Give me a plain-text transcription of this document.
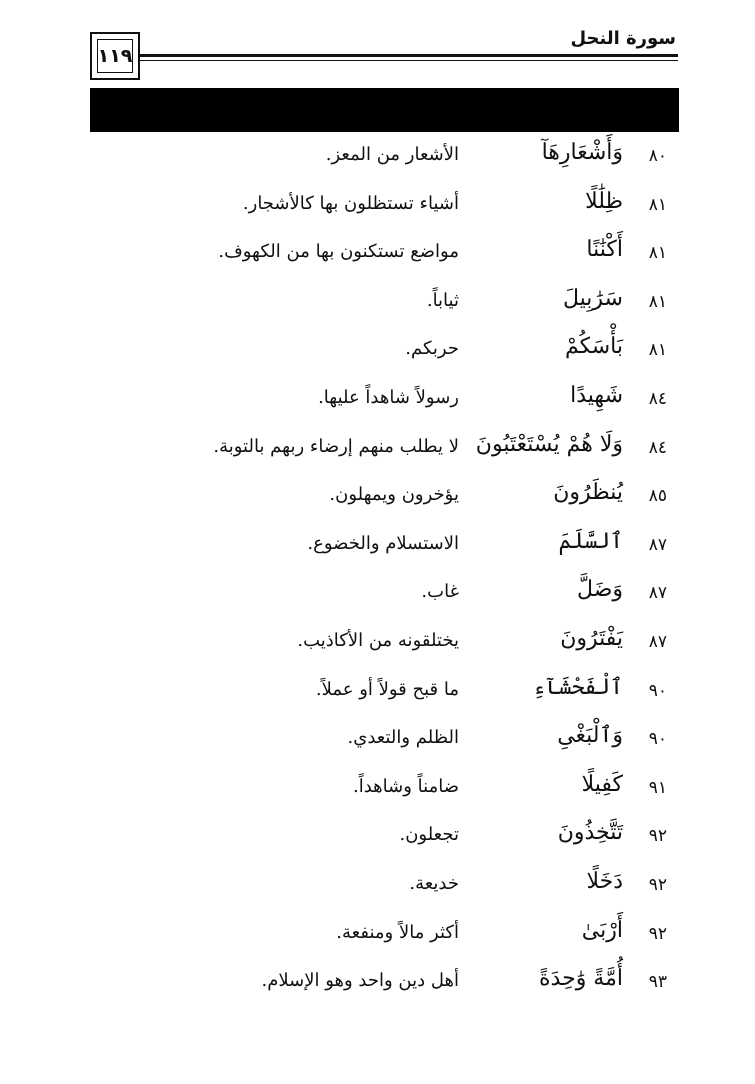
١١٩
سورة النحل
٨٠
وَأَشْعَارِهَآ
الأشعار من المعز.
٨١
ظِلَٰلًا
أشياء تستظلون بها كالأشجار.
٨١
أَكْنَٰنًا
مواضع تستكنون بها من الكهوف.
٨١
سَرَٰبِيلَ
ثياباً.
٨١
بَأْسَكُمْ
حربكم.
٨٤
شَهِيدًا
رسولاً شاهداً عليها.
٨٤
وَلَا هُمْ يُسْتَعْتَبُونَ
لا يطلب منهم إرضاء ربهم بالتوبة.
٨٥
يُنظَرُونَ
يؤخرون ويمهلون.
٨٧
ٱلسَّلَمَ
الاستسلام والخضوع.
٨٧
وَضَلَّ
غاب.
٨٧
يَفْتَرُونَ
يختلقونه من الأكاذيب.
٩٠
ٱلْفَحْشَآءِ
ما قبح قولاً أو عملاً.
٩٠
وَٱلْبَغْىِ
الظلم والتعدي.
٩١
كَفِيلًا
ضامناً وشاهداً.
٩٢
تَتَّخِذُونَ
تجعلون.
٩٢
دَخَلًا
خديعة.
٩٢
أَرْبَىٰ
أكثر مالاً ومنفعة.
٩٣
أُمَّةً وَٰحِدَةً
أهل دين واحد وهو الإسلام.
